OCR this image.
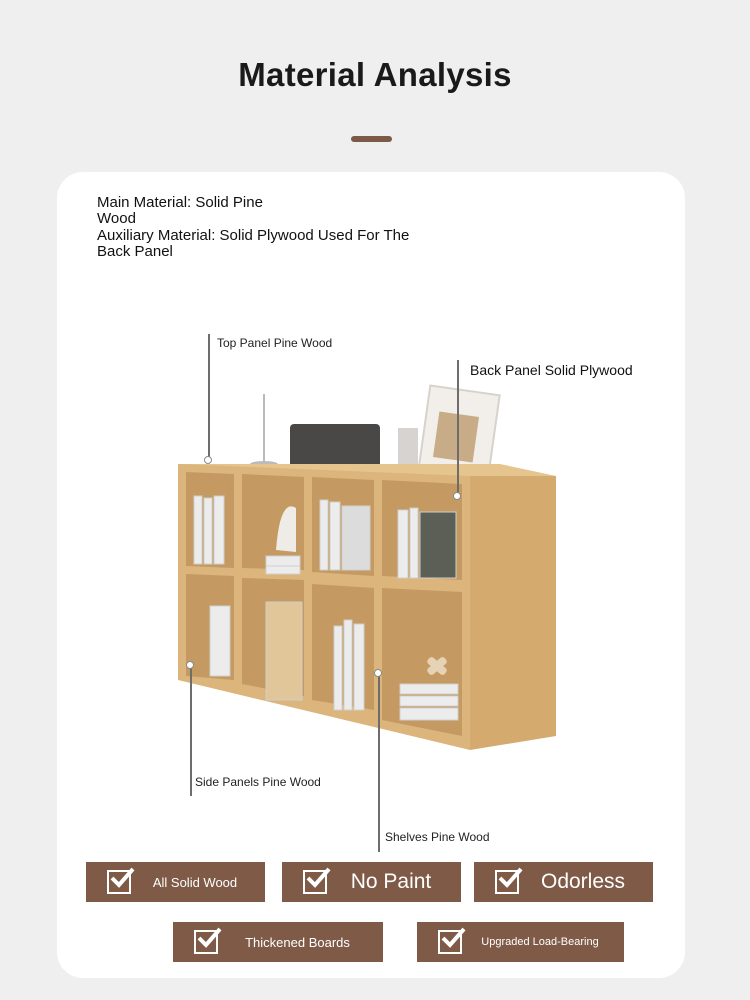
Material Analysis
Main Material: Solid Pine
Wood
Auxiliary Material: Solid Plywood Used For The
Back Panel
Top Panel Pine Wood
Back Panel Solid Plywood
Side Panels Pine Wood
Shelves Pine Wood
All Solid Wood	No Paint	Odorless
Thickened Boards	Upgraded Load-Bearing
